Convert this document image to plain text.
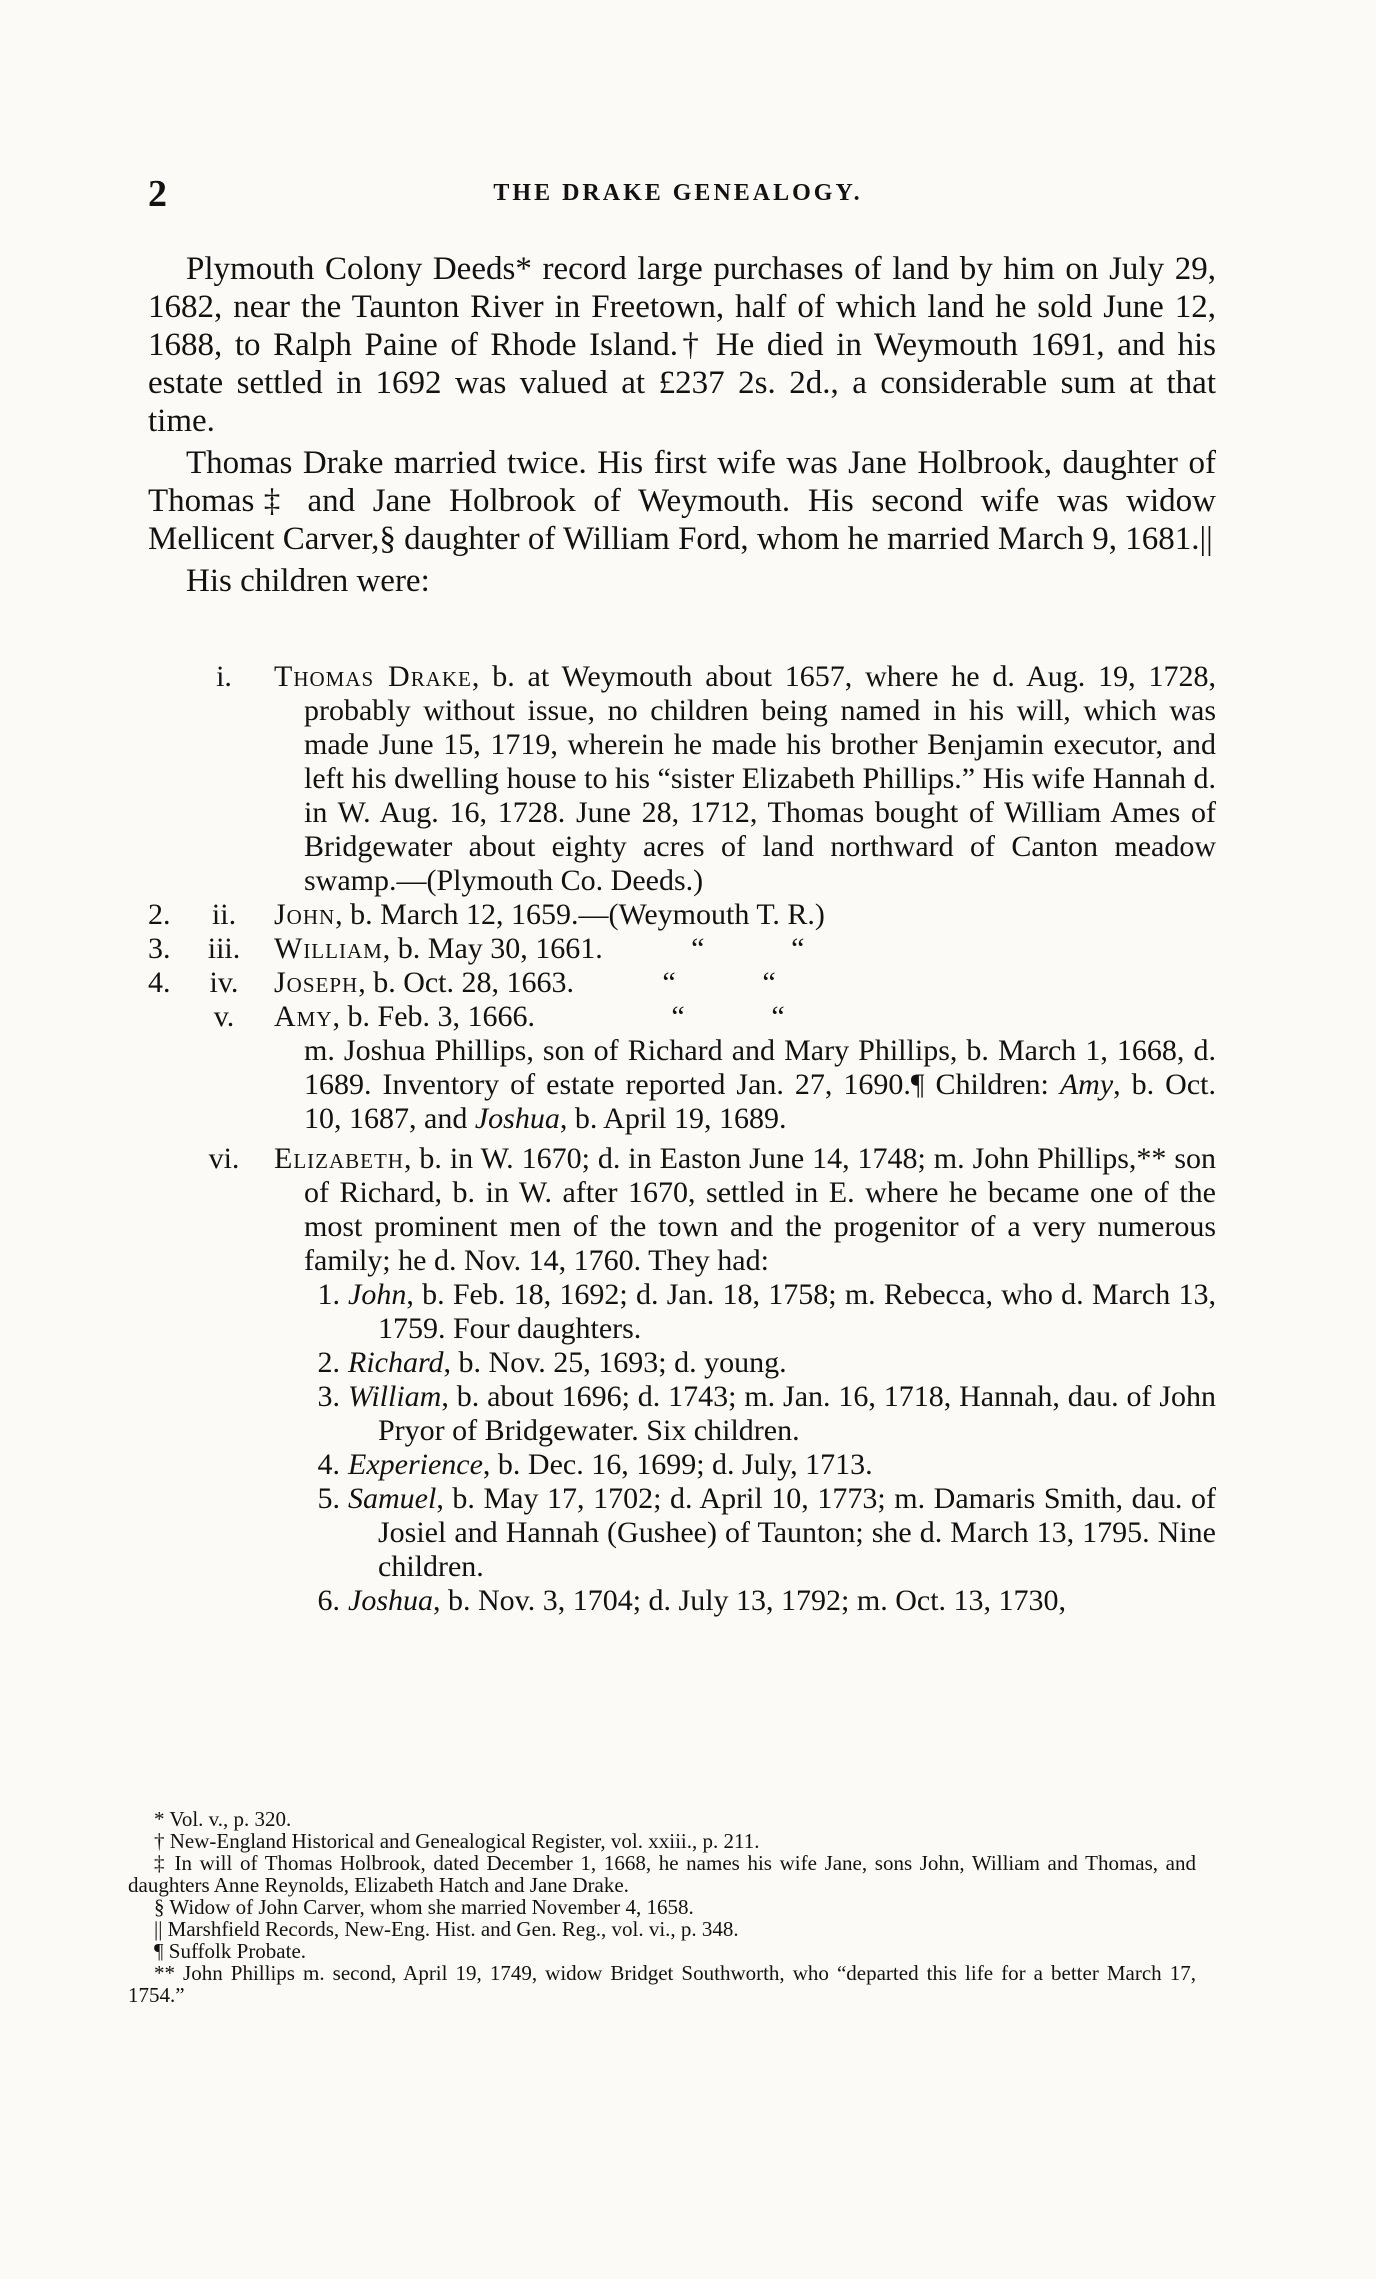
2	THE DRAKE GENEALOGY.

Plymouth Colony Deeds* record large purchases of land by him on July 29, 1682, near the Taunton River in Freetown, half of which land he sold June 12, 1688, to Ralph Paine of Rhode Island.† He died in Weymouth 1691, and his estate settled in 1692 was valued at £237 2s. 2d., a considerable sum at that time.

Thomas Drake married twice. His first wife was Jane Holbrook, daughter of Thomas‡ and Jane Holbrook of Weymouth. His second wife was widow Mellicent Carver,§ daughter of William Ford, whom he married March 9, 1681.||

His children were:

i.	Thomas Drake, b. at Weymouth about 1657, where he d. Aug. 19, 1728, probably without issue, no children being named in his will, which was made June 15, 1719, wherein he made his brother Benjamin executor, and left his dwelling house to his “sister Elizabeth Phillips.” His wife Hannah d. in W. Aug. 16, 1728. June 28, 1712, Thomas bought of William Ames of Bridgewater about eighty acres of land northward of Canton meadow swamp.—(Plymouth Co. Deeds.)
2.	ii.	John, b. March 12, 1659.—(Weymouth T. R.)
3.	iii.	William, b. May 30, 1661.	“	“
4.	iv.	Joseph, b. Oct. 28, 1663.	“	“
v.	Amy, b. Feb. 3, 1666.	“	“
m. Joshua Phillips, son of Richard and Mary Phillips, b. March 1, 1668, d. 1689. Inventory of estate reported Jan. 27, 1690.¶ Children: Amy, b. Oct. 10, 1687, and Joshua, b. April 19, 1689.
vi.	Elizabeth, b. in W. 1670; d. in Easton June 14, 1748; m. John Phillips,** son of Richard, b. in W. after 1670, settled in E. where he became one of the most prominent men of the town and the progenitor of a very numerous family; he d. Nov. 14, 1760. They had:
1. John, b. Feb. 18, 1692; d. Jan. 18, 1758; m. Rebecca, who d. March 13, 1759. Four daughters.
2. Richard, b. Nov. 25, 1693; d. young.
3. William, b. about 1696; d. 1743; m. Jan. 16, 1718, Hannah, dau. of John Pryor of Bridgewater. Six children.
4. Experience, b. Dec. 16, 1699; d. July, 1713.
5. Samuel, b. May 17, 1702; d. April 10, 1773; m. Damaris Smith, dau. of Josiel and Hannah (Gushee) of Taunton; she d. March 13, 1795. Nine children.
6. Joshua, b. Nov. 3, 1704; d. July 13, 1792; m. Oct. 13, 1730,
* Vol. v., p. 320.
† New-England Historical and Genealogical Register, vol. xxiii., p. 211.
‡ In will of Thomas Holbrook, dated December 1, 1668, he names his wife Jane, sons John, William and Thomas, and daughters Anne Reynolds, Elizabeth Hatch and Jane Drake.
§ Widow of John Carver, whom she married November 4, 1658.
|| Marshfield Records, New-Eng. Hist. and Gen. Reg., vol. vi., p. 348.
¶ Suffolk Probate.
** John Phillips m. second, April 19, 1749, widow Bridget Southworth, who “departed this life for a better March 17, 1754.”
